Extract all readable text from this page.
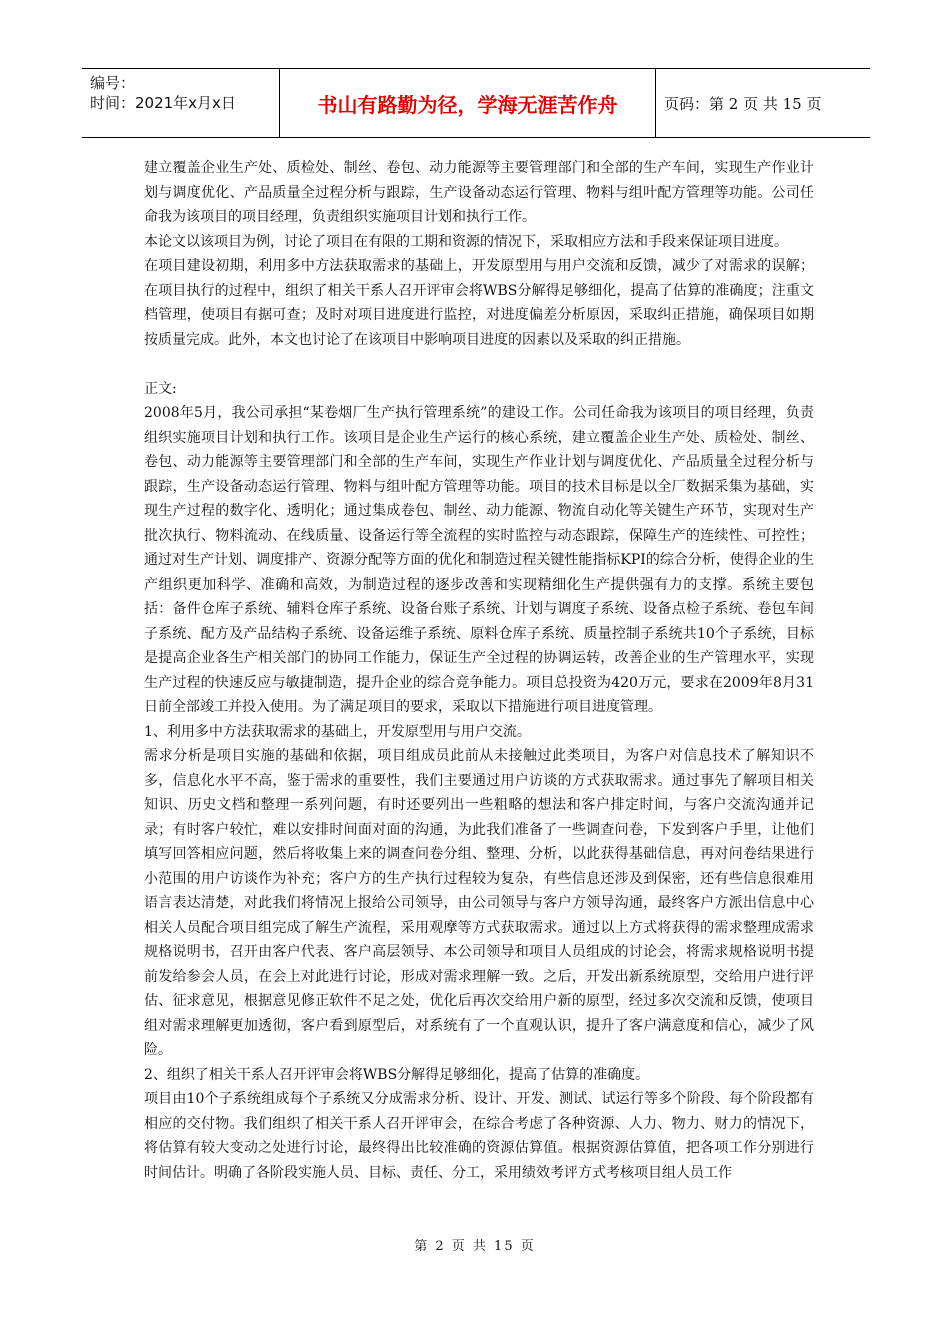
编号：
时间：2021年x月x日	书山有路勤为径，学海无涯苦作舟	页码：第 2 页 共 15 页

建立覆盖企业生产处、质检处、制丝、卷包、动力能源等主要管理部门和全部的生产车间，实现生产作业计划与调度优化、产品质量全过程分析与跟踪，生产设备动态运行管理、物料与组叶配方管理等功能。公司任命我为该项目的项目经理，负责组织实施项目计划和执行工作。

本论文以该项目为例，讨论了项目在有限的工期和资源的情况下，采取相应方法和手段来保证项目进度。

在项目建设初期，利用多中方法获取需求的基础上，开发原型用与用户交流和反馈，减少了对需求的误解；在项目执行的过程中，组织了相关干系人召开评审会将WBS分解得足够细化，提高了估算的准确度；注重文档管理，使项目有据可查；及时对项目进度进行监控，对进度偏差分析原因，采取纠正措施，确保项目如期按质量完成。此外，本文也讨论了在该项目中影响项目进度的因素以及采取的纠正措施。

正文:

2008年5月，我公司承担“某卷烟厂生产执行管理系统”的建设工作。公司任命我为该项目的项目经理，负责组织实施项目计划和执行工作。该项目是企业生产运行的核心系统，建立覆盖企业生产处、质检处、制丝、卷包、动力能源等主要管理部门和全部的生产车间，实现生产作业计划与调度优化、产品质量全过程分析与跟踪，生产设备动态运行管理、物料与组叶配方管理等功能。项目的技术目标是以全厂数据采集为基础，实现生产过程的数字化、透明化；通过集成卷包、制丝、动力能源、物流自动化等关键生产环节，实现对生产批次执行、物料流动、在线质量、设备运行等全流程的实时监控与动态跟踪，保障生产的连续性、可控性；通过对生产计划、调度排产、资源分配等方面的优化和制造过程关键性能指标KPI的综合分析，使得企业的生产组织更加科学、准确和高效，为制造过程的逐步改善和实现精细化生产提供强有力的支撑。系统主要包括：备件仓库子系统、辅料仓库子系统、设备台账子系统、计划与调度子系统、设备点检子系统、卷包车间子系统、配方及产品结构子系统、设备运维子系统、原料仓库子系统、质量控制子系统共10个子系统，目标是提高企业各生产相关部门的协同工作能力，保证生产全过程的协调运转，改善企业的生产管理水平，实现生产过程的快速反应与敏捷制造，提升企业的综合竞争能力。项目总投资为420万元，要求在2009年8月31日前全部竣工并投入使用。为了满足项目的要求，采取以下措施进行项目进度管理。

1、利用多中方法获取需求的基础上，开发原型用与用户交流。

需求分析是项目实施的基础和依据，项目组成员此前从未接触过此类项目，为客户对信息技术了解知识不多，信息化水平不高，鉴于需求的重要性，我们主要通过用户访谈的方式获取需求。通过事先了解项目相关知识、历史文档和整理一系列问题，有时还要列出一些粗略的想法和客户排定时间，与客户交流沟通并记录；有时客户较忙，难以安排时间面对面的沟通，为此我们准备了一些调查问卷，下发到客户手里，让他们填写回答相应问题，然后将收集上来的调查问卷分组、整理、分析，以此获得基础信息，再对问卷结果进行小范围的用户访谈作为补充；客户方的生产执行过程较为复杂，有些信息还涉及到保密，还有些信息很难用语言表达清楚，对此我们将情况上报给公司领导，由公司领导与客户方领导沟通，最终客户方派出信息中心相关人员配合项目组完成了解生产流程，采用观摩等方式获取需求。通过以上方式将获得的需求整理成需求规格说明书，召开由客户代表、客户高层领导、本公司领导和项目人员组成的讨论会，将需求规格说明书提前发给参会人员，在会上对此进行讨论，形成对需求理解一致。之后，开发出新系统原型，交给用户进行评估、征求意见，根据意见修正软件不足之处，优化后再次交给用户新的原型，经过多次交流和反馈，使项目组对需求理解更加透彻，客户看到原型后，对系统有了一个直观认识，提升了客户满意度和信心，减少了风险。

2、组织了相关干系人召开评审会将WBS分解得足够细化，提高了估算的准确度。

项目由10个子系统组成每个子系统又分成需求分析、设计、开发、测试、试运行等多个阶段、每个阶段都有相应的交付物。我们组织了相关干系人召开评审会，在综合考虑了各种资源、人力、物力、财力的情况下，将估算有较大变动之处进行讨论，最终得出比较准确的资源估算值。根据资源估算值，把各项工作分别进行时间估计。明确了各阶段实施人员、目标、责任、分工，采用绩效考评方式考核项目组人员工作

第 2 页 共 15 页
